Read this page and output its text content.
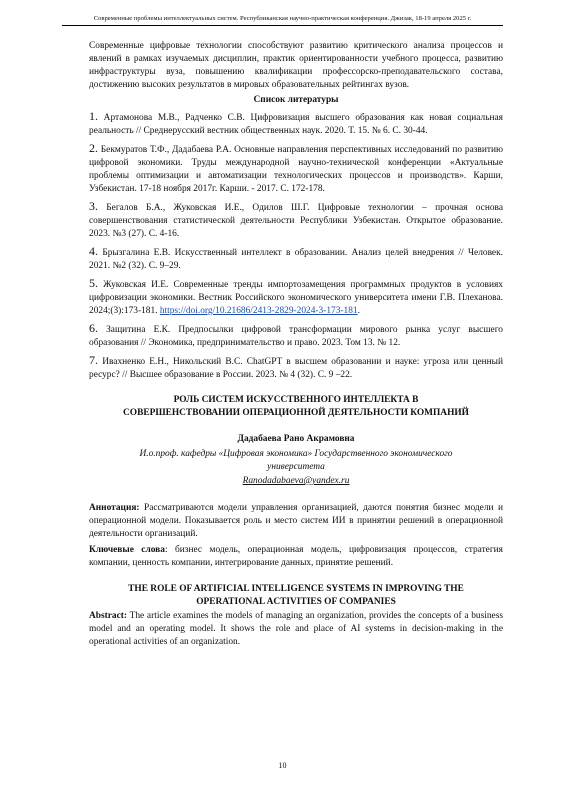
Современные проблемы интеллектуальных систем. Республиканская научно-практическая конференция. Джизак, 18-19 апреля 2025 г.

Современные цифровые технологии способствуют развитию критического анализа процессов и явлений в рамках изучаемых дисциплин, практик ориентированности учебного процесса, развитию инфраструктуры вуза, повышению квалификации профессорско-преподавательского состава, достижению высоких результатов в мировых образовательных рейтингах вузов.

Список литературы

1. Артамонова М.В., Радченко С.В. Цифровизация высшего образования как новая социальная реальность // Среднерусский вестник общественных наук. 2020. Т. 15. № 6. С. 30-44.

2. Бекмуратов Т.Ф., Дадабаева Р.А. Основные направления перспективных исследований по развитию цифровой экономики. Труды международной научно-технической конференции «Актуальные проблемы оптимизации и автоматизации технологических процессов и производств». Карши, Узбекистан. 17-18 ноября 2017г. Карши. - 2017. С. 172-178.

3. Бегалов Б.А., Жуковская И.Е., Одилов Ш.Г. Цифровые технологии – прочная основа совершенствования статистической деятельности Республики Узбекистан. Открытое образование. 2023. №3 (27). С. 4-16.

4. Брызгалина Е.В. Искусственный интеллект в образовании. Анализ целей внедрения // Человек. 2021. №2 (32). С. 9–29.

5. Жуковская И.Е. Современные тренды импортозамещения программных продуктов в условиях цифровизации экономики. Вестник Российского экономического университета имени Г.В. Плеханова. 2024;(3):173-181. https://doi.org/10.21686/2413-2829-2024-3-173-181.

6. Защитина Е.К. Предпосылки цифровой трансформации мирового рынка услуг высшего образования // Экономика, предпринимательство и право. 2023. Том 13. № 12.

7. Ивахненко Е.Н., Никольский В.С. ChatGPT в высшем образовании и науке: угроза или ценный ресурс? // Высшее образование в России. 2023. № 4 (32). С. 9 –22.

РОЛЬ СИСТЕМ ИСКУССТВЕННОГО ИНТЕЛЛЕКТА В
СОВЕРШЕНСТВОВАНИИ ОПЕРАЦИОННОЙ ДЕЯТЕЛЬНОСТИ КОМПАНИЙ

Дадабаева Рано Акрамовна

И.о.проф. кафедры «Цифровая экономика» Государственного экономического университета

Ranodadabaeva@yandex.ru

Аннотация: Рассматриваются модели управления организацией, даются понятия бизнес модели и операционной модели. Показывается роль и место систем ИИ в принятии решений в операционной деятельности организаций.

Ключевые слова: бизнес модель, операционная модель, цифровизация процессов, стратегия компании, ценность компании, интегрирование данных, принятие решений.

THE ROLE OF ARTIFICIAL INTELLIGENCE SYSTEMS IN IMPROVING THE
OPERATIONAL ACTIVITIES OF COMPANIES

Abstract: The article examines the models of managing an organization, provides the concepts of a business model and an operating model. It shows the role and place of AI systems in decision-making in the operational activities of an organization.

10
